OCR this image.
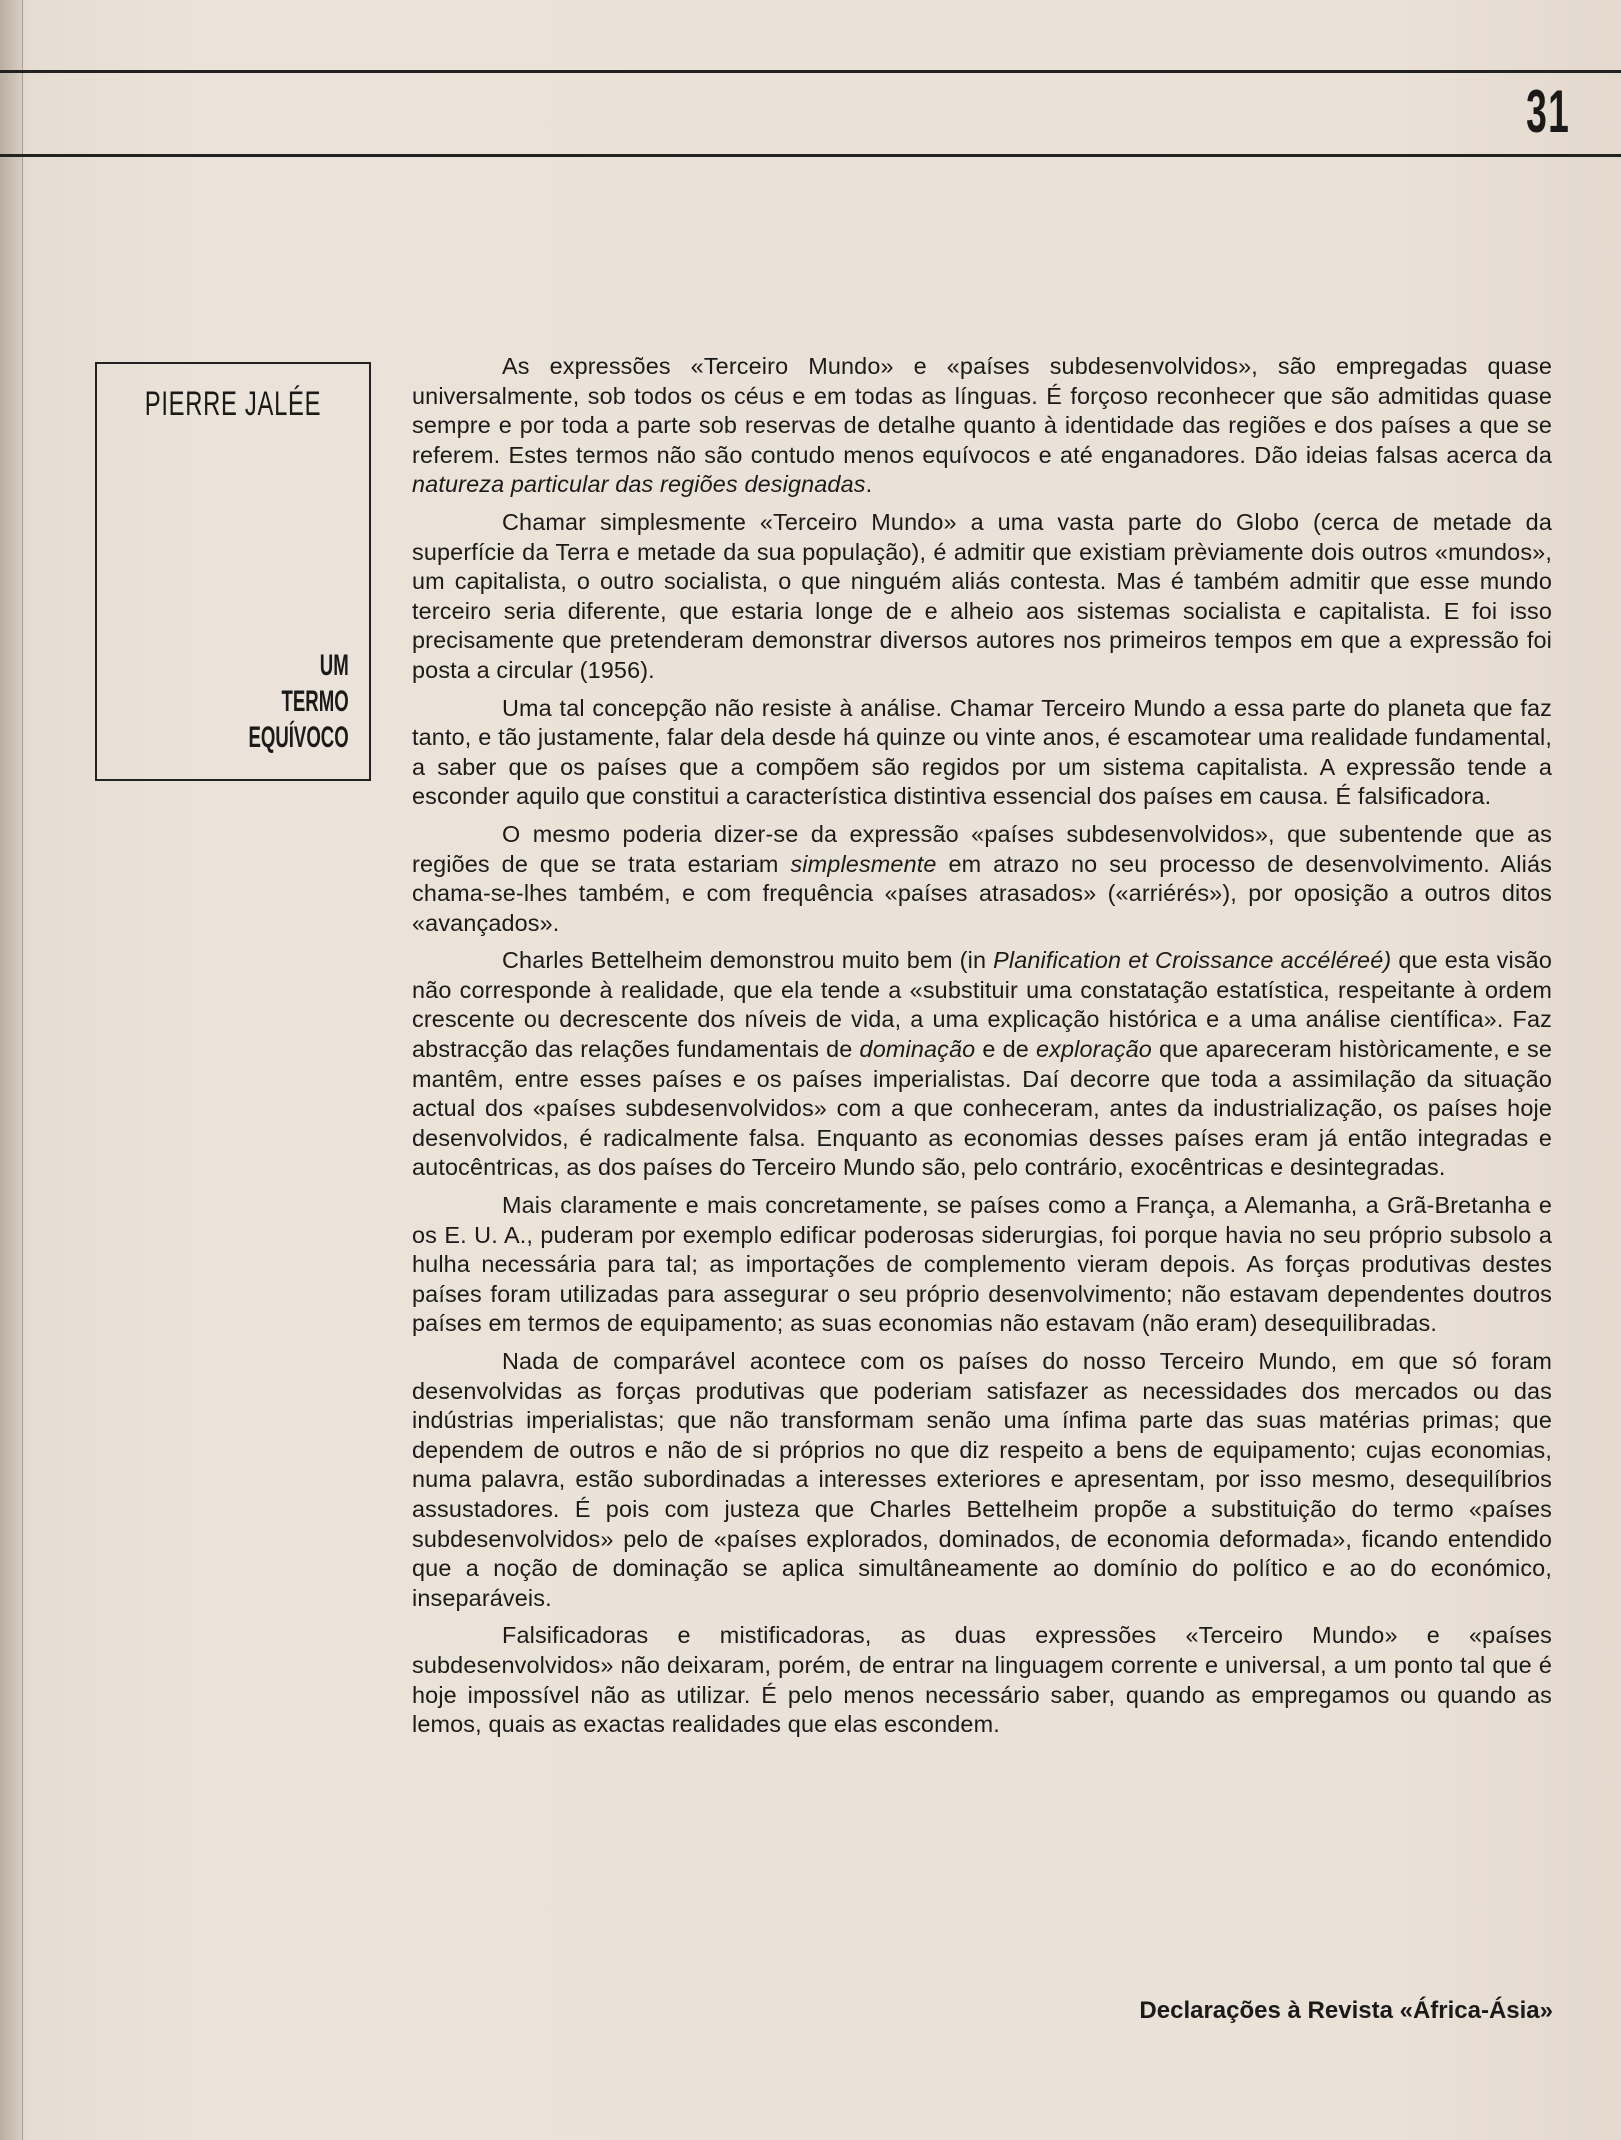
31
PIERRE JALÉE
UM
TERMO
EQUÍVOCO

As expressões «Terceiro Mundo» e «países subdesenvolvidos», são empregadas quase universalmente, sob todos os céus e em todas as línguas. É forçoso reconhecer que são admitidas quase sempre e por toda a parte sob reservas de detalhe quanto à identidade das regiões e dos países a que se referem. Estes termos não são contudo menos equívocos e até enganadores. Dão ideias falsas acerca da natureza particular das regiões designadas.

Chamar simplesmente «Terceiro Mundo» a uma vasta parte do Globo (cerca de metade da superfície da Terra e metade da sua população), é admitir que existiam prèviamente dois outros «mundos», um capitalista, o outro socialista, o que ninguém aliás contesta. Mas é também admitir que esse mundo terceiro seria diferente, que estaria longe de e alheio aos sistemas socialista e capitalista. E foi isso precisamente que pretenderam demonstrar diversos autores nos primeiros tempos em que a expressão foi posta a circular (1956).

Uma tal concepção não resiste à análise. Chamar Terceiro Mundo a essa parte do planeta que faz tanto, e tão justamente, falar dela desde há quinze ou vinte anos, é escamotear uma realidade fundamental, a saber que os países que a compõem são regidos por um sistema capitalista. A expressão tende a esconder aquilo que constitui a característica distintiva essencial dos países em causa. É falsificadora.

O mesmo poderia dizer-se da expressão «países subdesenvolvidos», que subentende que as regiões de que se trata estariam simplesmente em atrazo no seu processo de desenvolvimento. Aliás chama-se-lhes também, e com frequência «países atrasados» («arriérés»), por oposição a outros ditos «avançados».

Charles Bettelheim demonstrou muito bem (in Planification et Croissance accéléreé) que esta visão não corresponde à realidade, que ela tende a «substituir uma constatação estatística, respeitante à ordem crescente ou decrescente dos níveis de vida, a uma explicação histórica e a uma análise científica». Faz abstracção das relações fundamentais de dominação e de exploração que apareceram històricamente, e se mantêm, entre esses países e os países imperialistas. Daí decorre que toda a assimilação da situação actual dos «países subdesenvolvidos» com a que conheceram, antes da industrialização, os países hoje desenvolvidos, é radicalmente falsa. Enquanto as economias desses países eram já então integradas e autocêntricas, as dos países do Terceiro Mundo são, pelo contrário, exocêntricas e desintegradas.

Mais claramente e mais concretamente, se países como a França, a Alemanha, a Grã-Bretanha e os E. U. A., puderam por exemplo edificar poderosas siderurgias, foi porque havia no seu próprio subsolo a hulha necessária para tal; as importações de complemento vieram depois. As forças produtivas destes países foram utilizadas para assegurar o seu próprio desenvolvimento; não estavam dependentes doutros países em termos de equipamento; as suas economias não estavam (não eram) desequilibradas.

Nada de comparável acontece com os países do nosso Terceiro Mundo, em que só foram desenvolvidas as forças produtivas que poderiam satisfazer as necessidades dos mercados ou das indústrias imperialistas; que não transformam senão uma ínfima parte das suas matérias primas; que dependem de outros e não de si próprios no que diz respeito a bens de equipamento; cujas economias, numa palavra, estão subordinadas a interesses exteriores e apresentam, por isso mesmo, desequilíbrios assustadores. É pois com justeza que Charles Bettelheim propõe a substituição do termo «países subdesenvolvidos» pelo de «países explorados, dominados, de economia deformada», ficando entendido que a noção de dominação se aplica simultâneamente ao domínio do político e ao do económico, inseparáveis.

Falsificadoras e mistificadoras, as duas expressões «Terceiro Mundo» e «países subdesenvolvidos» não deixaram, porém, de entrar na linguagem corrente e universal, a um ponto tal que é hoje impossível não as utilizar. É pelo menos necessário saber, quando as empregamos ou quando as lemos, quais as exactas realidades que elas escondem.

Declarações à Revista «África-Ásia»
